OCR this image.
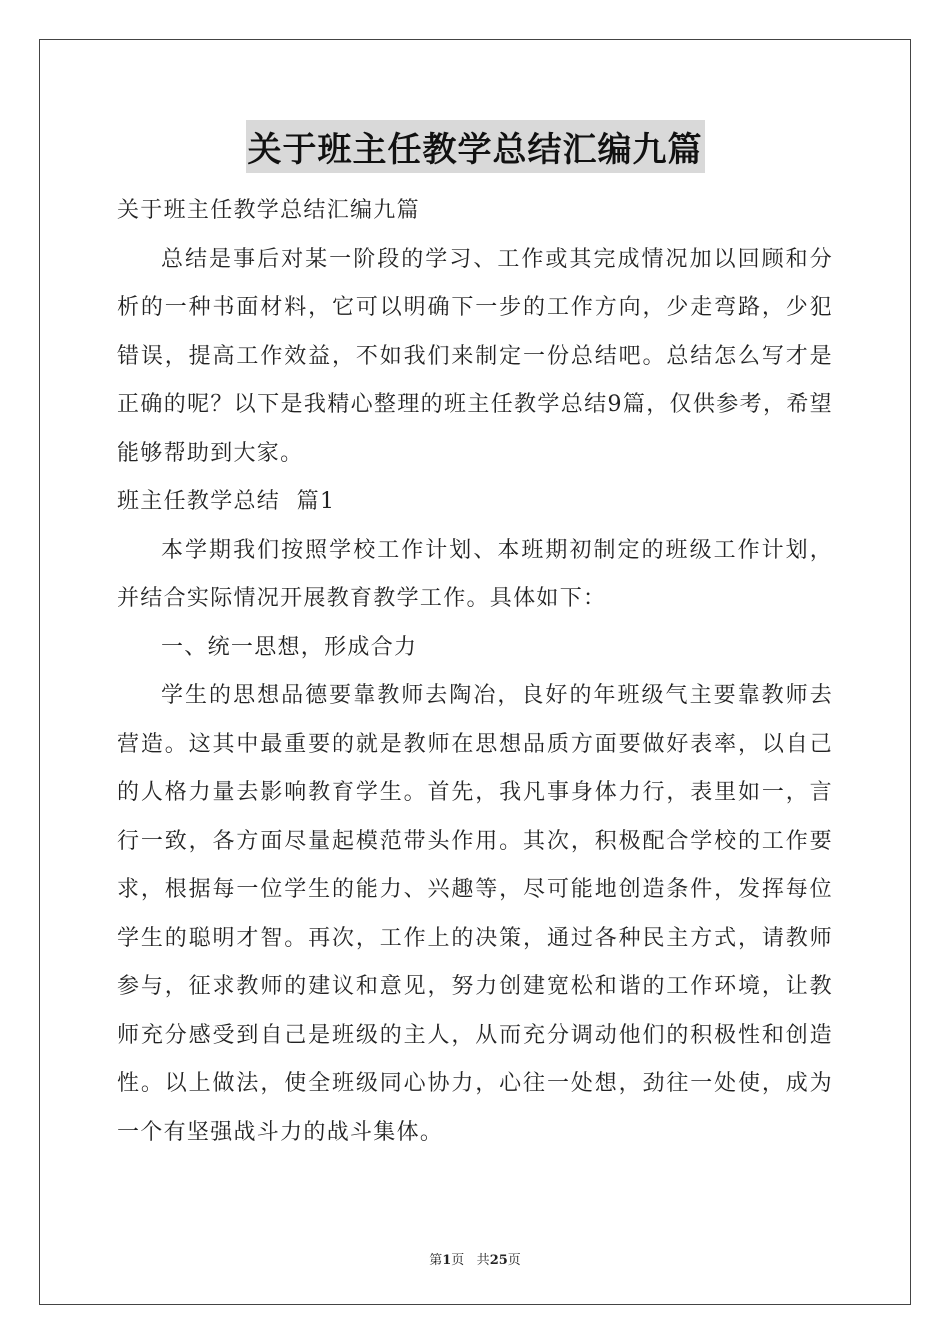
关于班主任教学总结汇编九篇

关于班主任教学总结汇编九篇

总结是事后对某一阶段的学习、工作或其完成情况加以回顾和分析的一种书面材料，它可以明确下一步的工作方向，少走弯路，少犯错误，提高工作效益，不如我们来制定一份总结吧。总结怎么写才是正确的呢？以下是我精心整理的班主任教学总结9篇，仅供参考，希望能够帮助到大家。

班主任教学总结  篇1

本学期我们按照学校工作计划、本班期初制定的班级工作计划，并结合实际情况开展教育教学工作。具体如下：

一、统一思想，形成合力

学生的思想品德要靠教师去陶冶，良好的年班级气主要靠教师去营造。这其中最重要的就是教师在思想品质方面要做好表率，以自己的人格力量去影响教育学生。首先，我凡事身体力行，表里如一，言行一致，各方面尽量起模范带头作用。其次，积极配合学校的工作要求，根据每一位学生的能力、兴趣等，尽可能地创造条件，发挥每位学生的聪明才智。再次，工作上的决策，通过各种民主方式，请教师参与，征求教师的建议和意见，努力创建宽松和谐的工作环境，让教师充分感受到自己是班级的主人，从而充分调动他们的积极性和创造性。以上做法，使全班级同心协力，心往一处想，劲往一处使，成为一个有坚强战斗力的战斗集体。

第1页 共25页
